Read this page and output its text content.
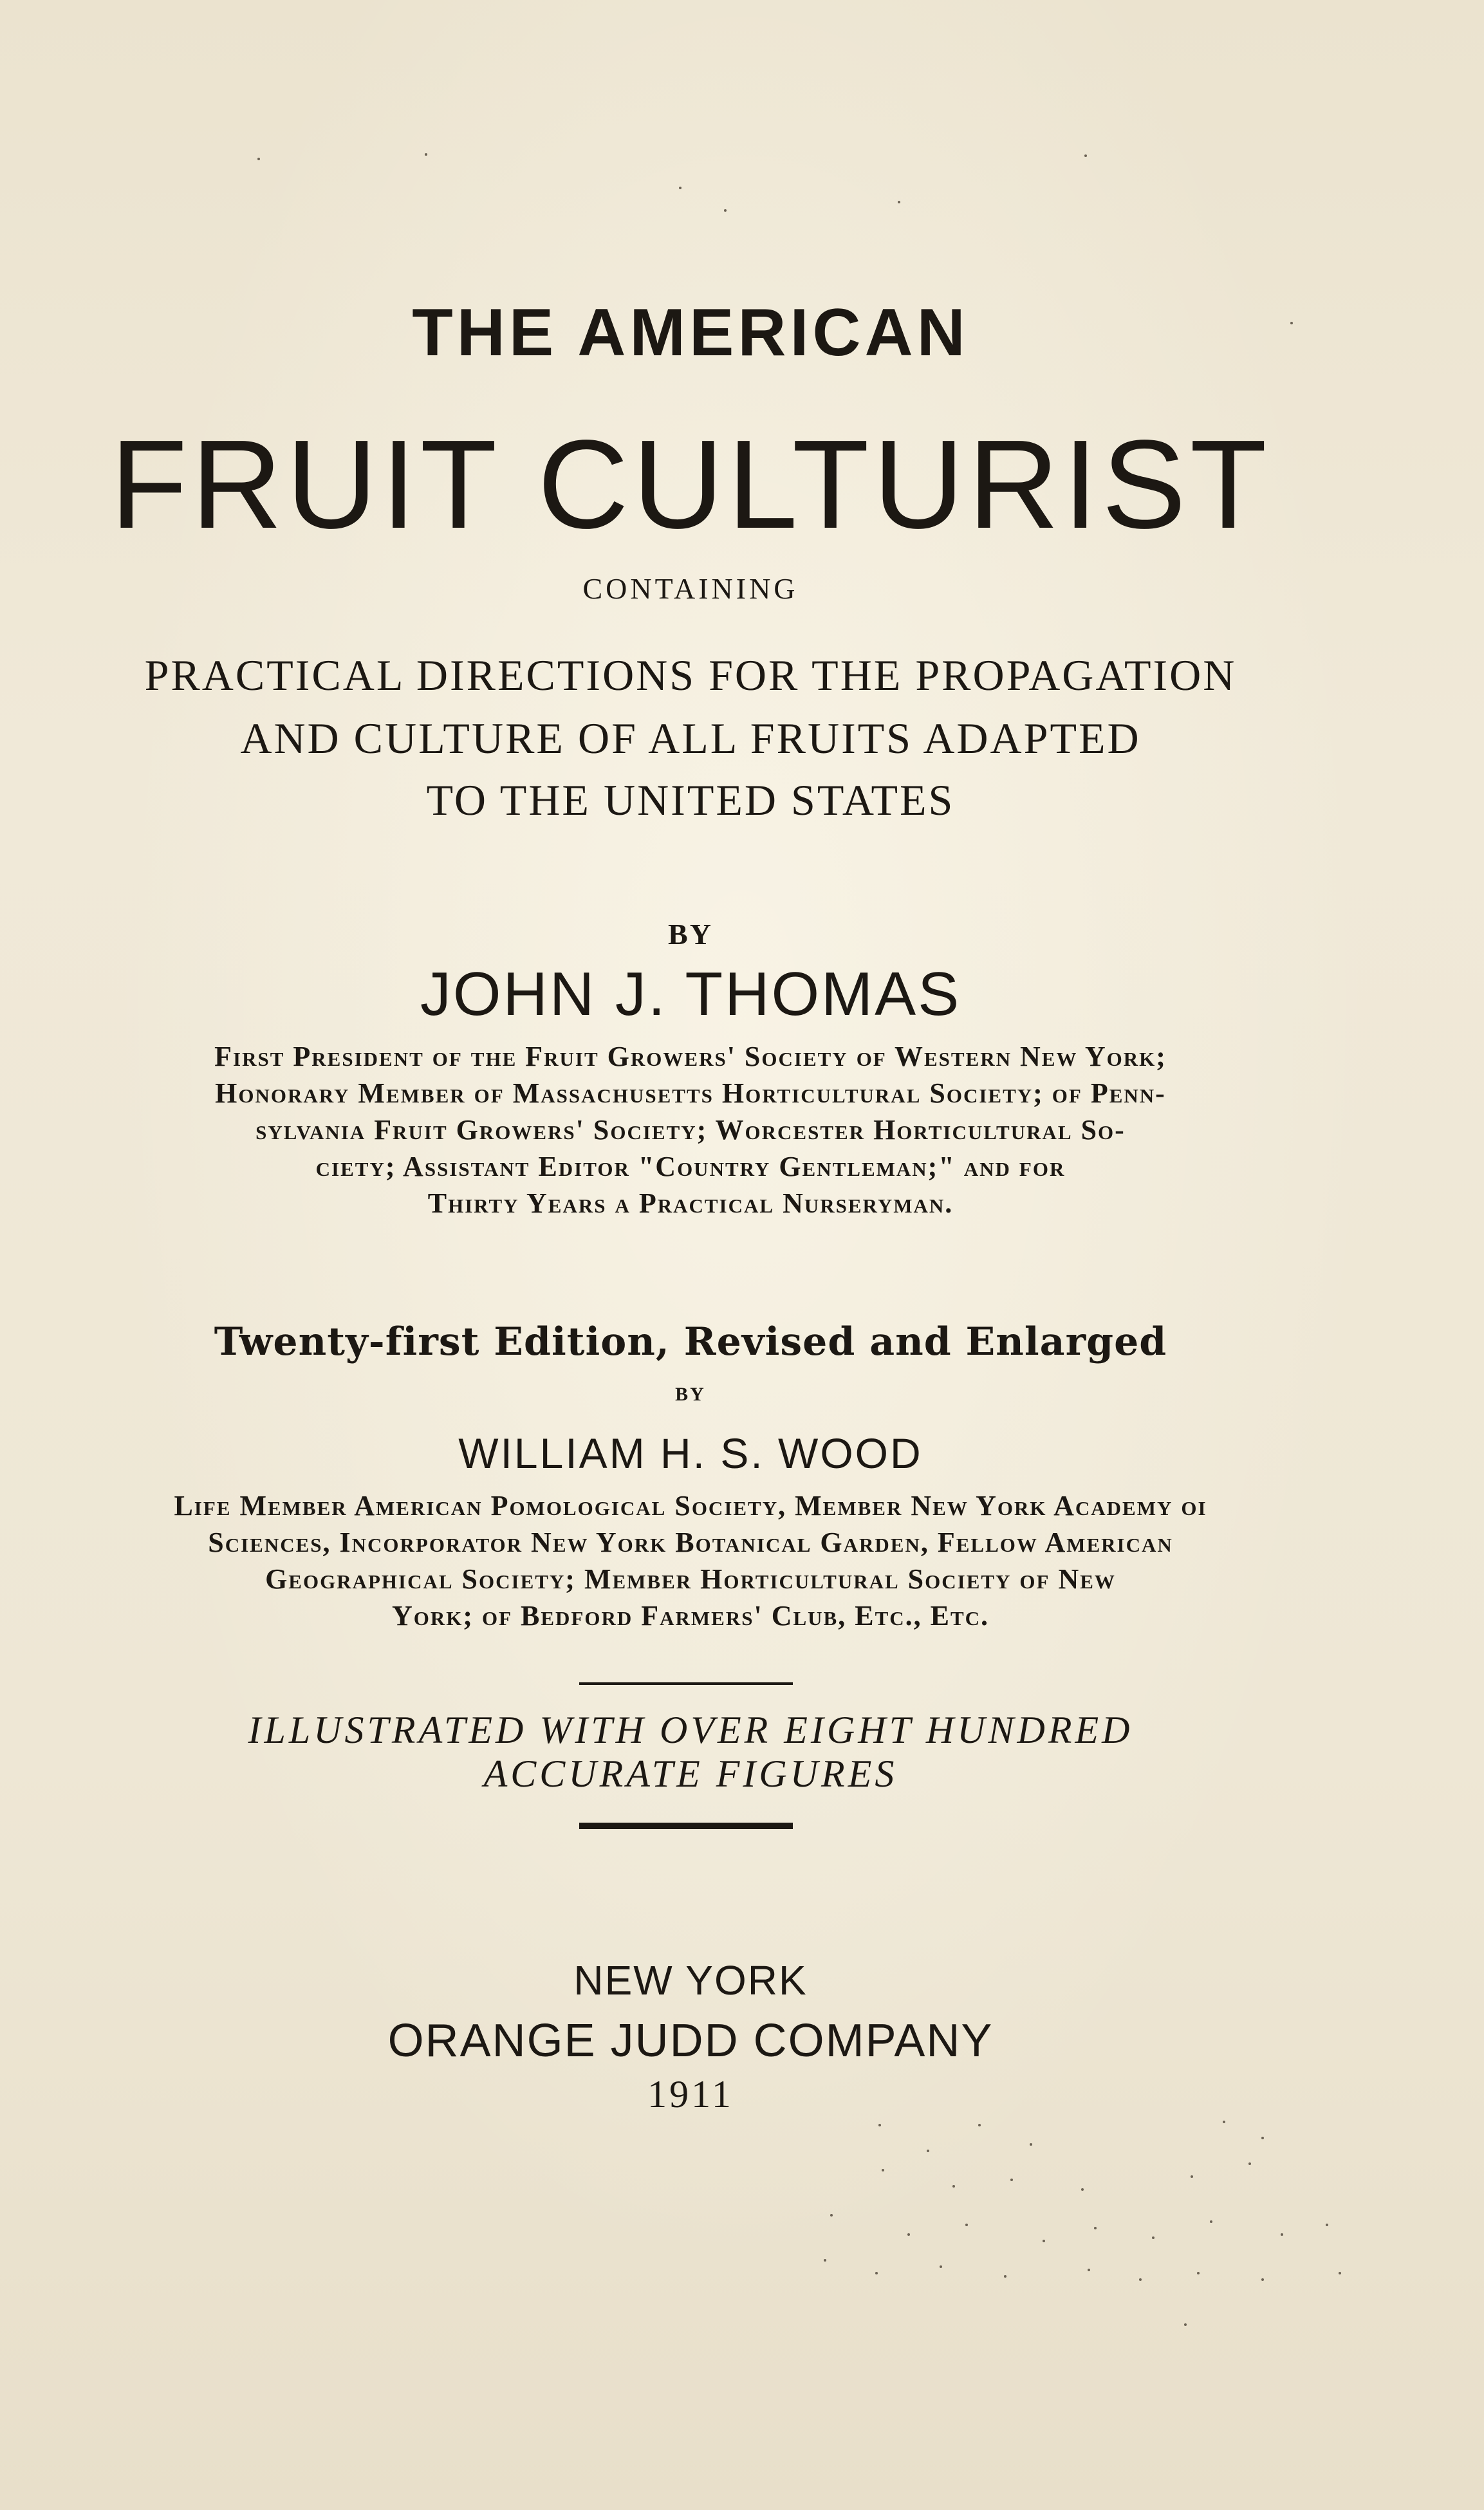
THE AMERICAN
FRUIT CULTURIST

CONTAINING

PRACTICAL DIRECTIONS FOR THE PROPAGATION

AND CULTURE OF ALL FRUITS ADAPTED

TO THE UNITED STATES

BY

JOHN J. THOMAS

First President of the Fruit Growers' Society of Western New York;

Honorary Member of Massachusetts Horticultural Society; of Penn-

sylvania Fruit Growers' Society; Worcester Horticultural So-

ciety; Assistant Editor "Country Gentleman;" and for

Thirty Years a Practical Nurseryman.

Twenty-first Edition, Revised and Enlarged

BY

WILLIAM H. S. WOOD

Life Member American Pomological Society, Member New York Academy oi

Sciences, Incorporator New York Botanical Garden, Fellow American

Geographical Society; Member Horticultural Society of New

York; of Bedford Farmers' Club, Etc., Etc.

ILLUSTRATED WITH OVER EIGHT HUNDRED

ACCURATE FIGURES

NEW YORK

ORANGE JUDD COMPANY

1911
